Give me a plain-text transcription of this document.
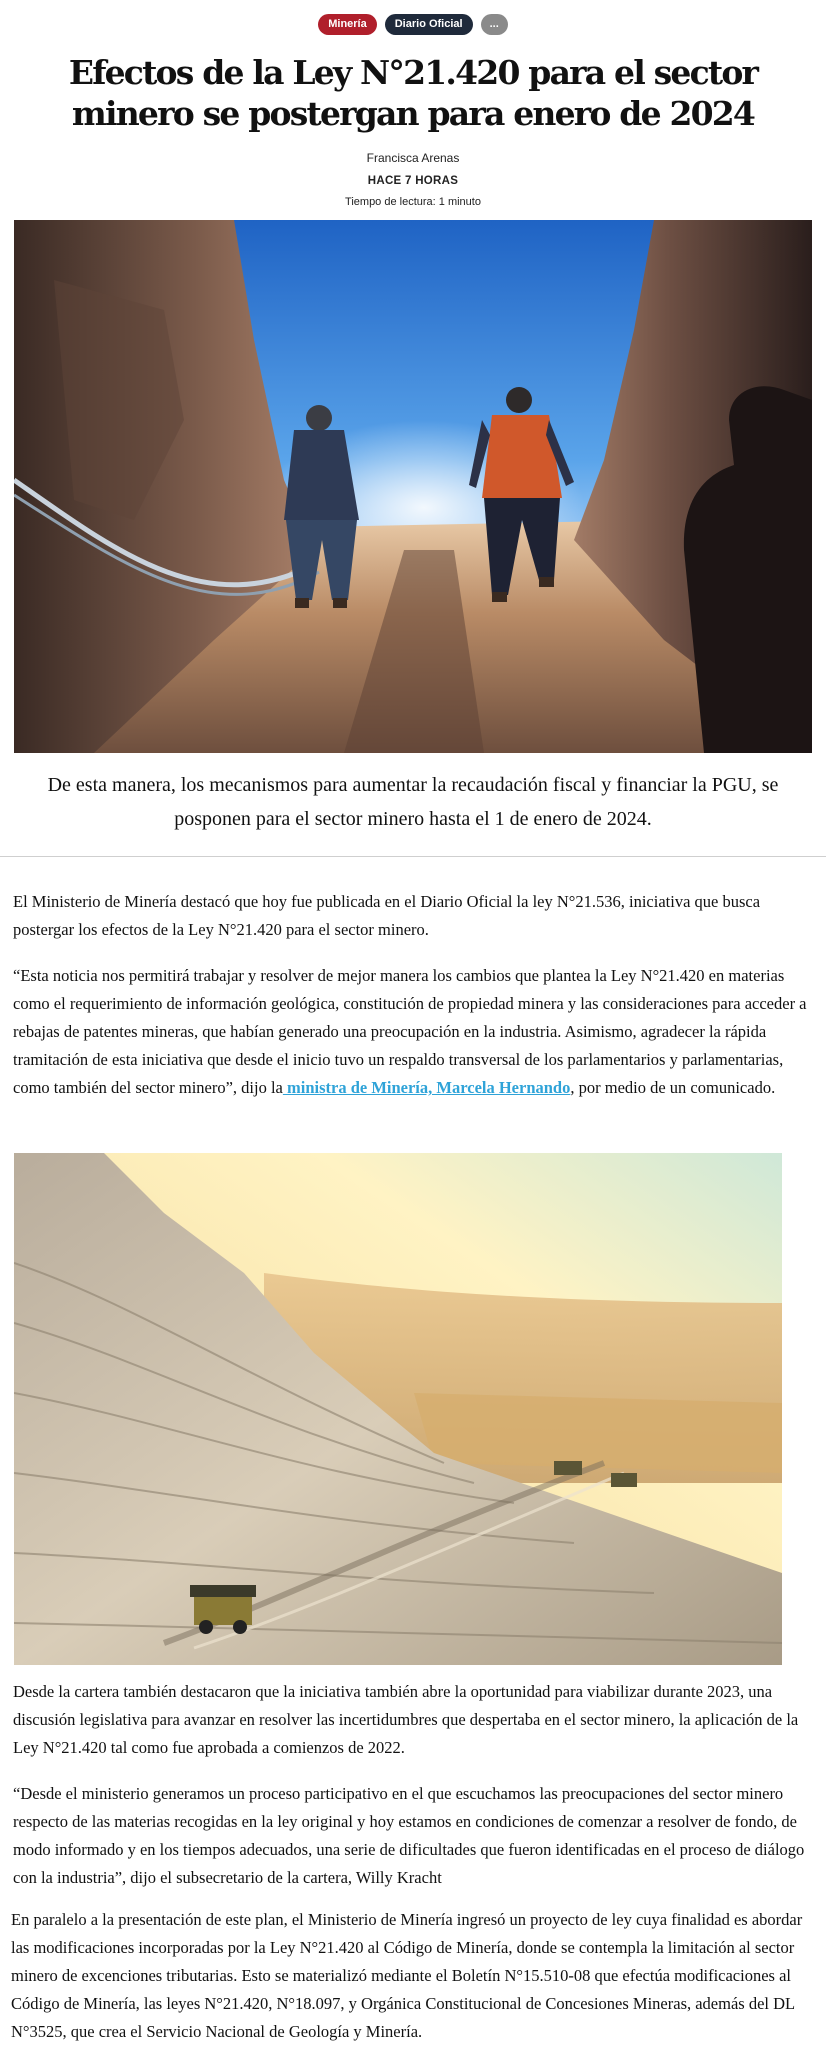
Minería	Diario Oficial	...
Efectos de la Ley N°21.420 para el sector minero se postergan para enero de 2024
Francisca Arenas
HACE 7 HORAS
Tiempo de lectura: 1 minuto

De esta manera, los mecanismos para aumentar la recaudación fiscal y financiar la PGU, se posponen para el sector minero hasta el 1 de enero de 2024.

El Ministerio de Minería destacó que hoy fue publicada en el Diario Oficial la ley N°21.536, iniciativa que busca postergar los efectos de la Ley N°21.420 para el sector minero.

“Esta noticia nos permitirá trabajar y resolver de mejor manera los cambios que plantea la Ley N°21.420 en materias como el requerimiento de información geológica, constitución de propiedad minera y las consideraciones para acceder a rebajas de patentes mineras, que habían generado una preocupación en la industria. Asimismo, agradecer la rápida tramitación de esta iniciativa que desde el inicio tuvo un respaldo transversal de los parlamentarios y parlamentarias, como también del sector minero”, dijo la ministra de Minería, Marcela Hernando, por medio de un comunicado.

Desde la cartera también destacaron que la iniciativa también abre la oportunidad para viabilizar durante 2023, una discusión legislativa para avanzar en resolver las incertidumbres que despertaba en el sector minero, la aplicación de la Ley N°21.420 tal como fue aprobada a comienzos de 2022.

“Desde el ministerio generamos un proceso participativo en el que escuchamos las preocupaciones del sector minero respecto de las materias recogidas en la ley original y hoy estamos en condiciones de comenzar a resolver de fondo, de modo informado y en los tiempos adecuados, una serie de dificultades que fueron identificadas en el proceso de diálogo con la industria”, dijo el subsecretario de la cartera, Willy Kracht

En paralelo a la presentación de este plan, el Ministerio de Minería ingresó un proyecto de ley cuya finalidad es abordar las modificaciones incorporadas por la Ley N°21.420 al Código de Minería, donde se contempla la limitación al sector minero de excenciones tributarias. Esto se materializó mediante el Boletín N°15.510-08 que efectúa modificaciones al Código de Minería, las leyes N°21.420, N°18.097, y Orgánica Constitucional de Concesiones Mineras, además del DL N°3525, que crea el Servicio Nacional de Geología y Minería.
